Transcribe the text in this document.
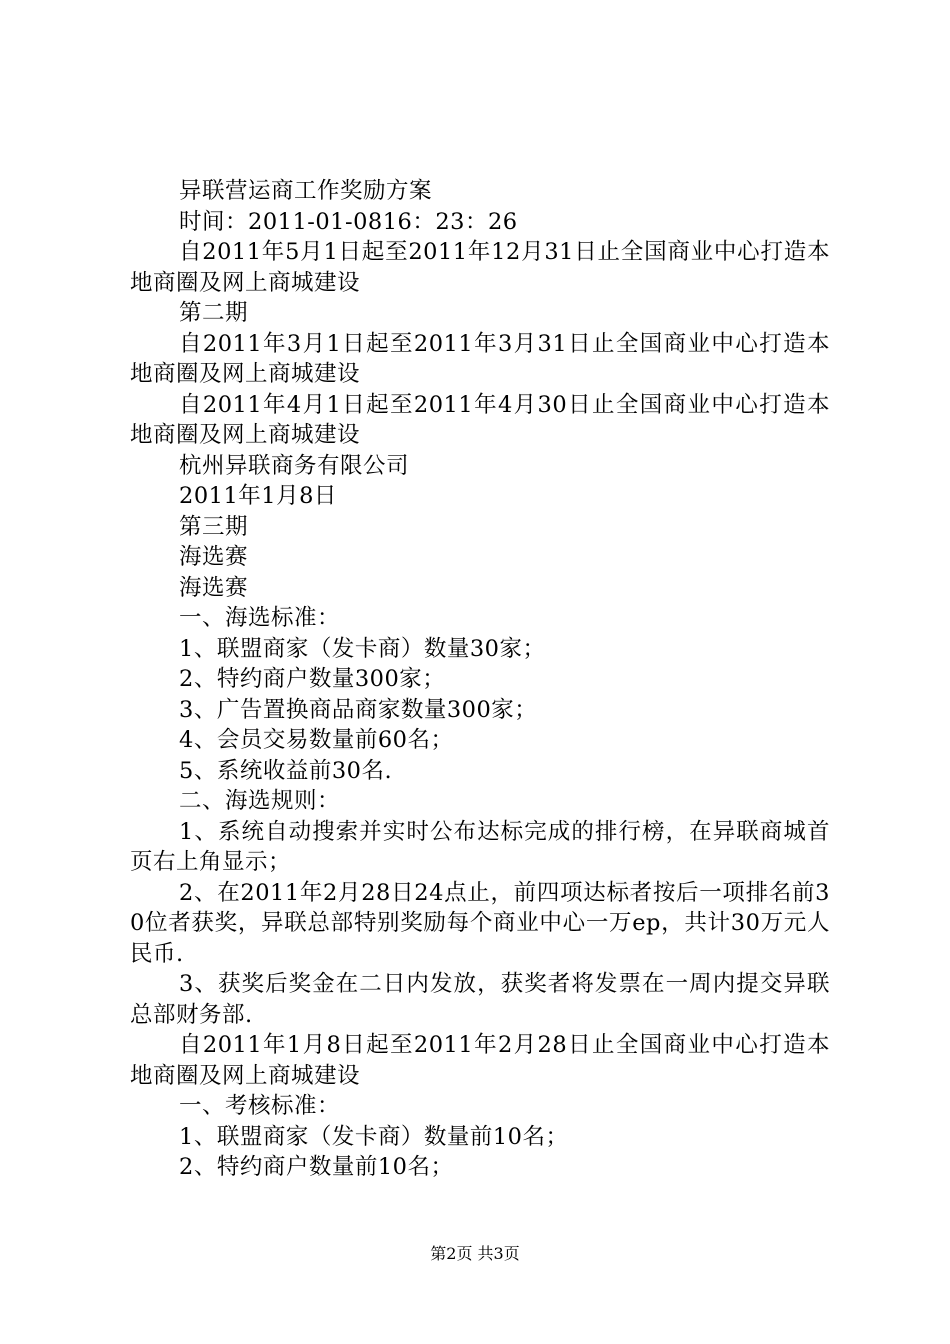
异联营运商工作奖励方案

时间：2011-01-0816：23：26

自2011年5月1日起至2011年12月31日止全国商业中心打造本地商圈及网上商城建设

第二期

自2011年3月1日起至2011年3月31日止全国商业中心打造本地商圈及网上商城建设

自2011年4月1日起至2011年4月30日止全国商业中心打造本地商圈及网上商城建设

杭州异联商务有限公司

2011年1月8日

第三期

海选赛

海选赛

一、海选标准：

1、联盟商家（发卡商）数量30家；

2、特约商户数量300家；

3、广告置换商品商家数量300家；

4、会员交易数量前60名；

5、系统收益前30名.

二、海选规则：

1、系统自动搜索并实时公布达标完成的排行榜，在异联商城首页右上角显示；

2、在2011年2月28日24点止，前四项达标者按后一项排名前30位者获奖，异联总部特别奖励每个商业中心一万ep，共计30万元人民币.

3、获奖后奖金在二日内发放，获奖者将发票在一周内提交异联总部财务部.

自2011年1月8日起至2011年2月28日止全国商业中心打造本地商圈及网上商城建设

一、考核标准：

1、联盟商家（发卡商）数量前10名；

2、特约商户数量前10名；

第2页 共3页
